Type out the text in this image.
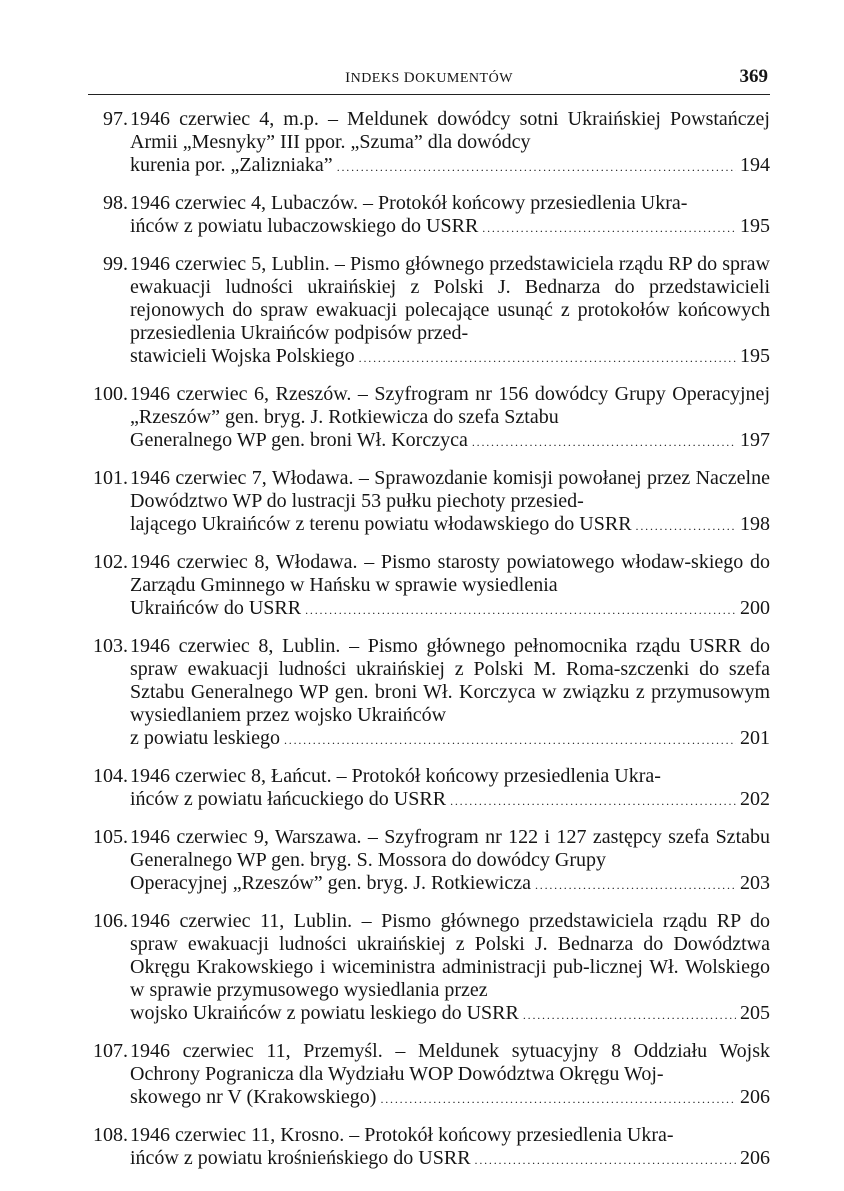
INDEKS DOKUMENTÓW	369
97. 1946 czerwiec 4, m.p. – Meldunek dowódcy sotni Ukraińskiej Powstańczej Armii „Mesnyky” III ppor. „Szuma” dla dowódcy
kurenia por. „Zalizniaka” . . .	194
98. 1946 czerwiec 4, Lubaczów. – Protokół końcowy przesiedlenia Ukra-
ińców z powiatu lubaczowskiego do USRR . . .	195
99. 1946 czerwiec 5, Lublin. – Pismo głównego przedstawiciela rządu RP do spraw ewakuacji ludności ukraińskiej z Polski J. Bednarza do przedstawicieli rejonowych do spraw ewakuacji polecające usunąć z protokołów końcowych przesiedlenia Ukraińców podpisów przed-
stawicieli Wojska Polskiego . . .	195
100. 1946 czerwiec 6, Rzeszów. – Szyfrogram nr 156 dowódcy Grupy Operacyjnej „Rzeszów” gen. bryg. J. Rotkiewicza do szefa Sztabu
Generalnego WP gen. broni Wł. Korczyca . . .	197
101. 1946 czerwiec 7, Włodawa. – Sprawozdanie komisji powołanej przez Naczelne Dowództwo WP do lustracji 53 pułku piechoty przesied-
lającego Ukraińców z terenu powiatu włodawskiego do USRR . . .	198
102. 1946 czerwiec 8, Włodawa. – Pismo starosty powiatowego włodaw-skiego do Zarządu Gminnego w Hańsku w sprawie wysiedlenia
Ukraińców do USRR . . .	200
103. 1946 czerwiec 8, Lublin. – Pismo głównego pełnomocnika rządu USRR do spraw ewakuacji ludności ukraińskiej z Polski M. Roma-szczenki do szefa Sztabu Generalnego WP gen. broni Wł. Korczyca w związku z przymusowym wysiedlaniem przez wojsko Ukraińców
z powiatu leskiego . . .	201
104. 1946 czerwiec 8, Łańcut. – Protokół końcowy przesiedlenia Ukra-
ińców z powiatu łańcuckiego do USRR . . .	202
105. 1946 czerwiec 9, Warszawa. – Szyfrogram nr 122 i 127 zastępcy szefa Sztabu Generalnego WP gen. bryg. S. Mossora do dowódcy Grupy
Operacyjnej „Rzeszów” gen. bryg. J. Rotkiewicza . . .	203
106. 1946 czerwiec 11, Lublin. – Pismo głównego przedstawiciela rządu RP do spraw ewakuacji ludności ukraińskiej z Polski J. Bednarza do Dowództwa Okręgu Krakowskiego i wiceministra administracji pub-licznej Wł. Wolskiego w sprawie przymusowego wysiedlania przez
wojsko Ukraińców z powiatu leskiego do USRR . . .	205
107. 1946 czerwiec 11, Przemyśl. – Meldunek sytuacyjny 8 Oddziału Wojsk Ochrony Pogranicza dla Wydziału WOP Dowództwa Okręgu Woj-
skowego nr V (Krakowskiego) . . .	206
108. 1946 czerwiec 11, Krosno. – Protokół końcowy przesiedlenia Ukra-
ińców z powiatu krośnieńskiego do USRR . . .	206
